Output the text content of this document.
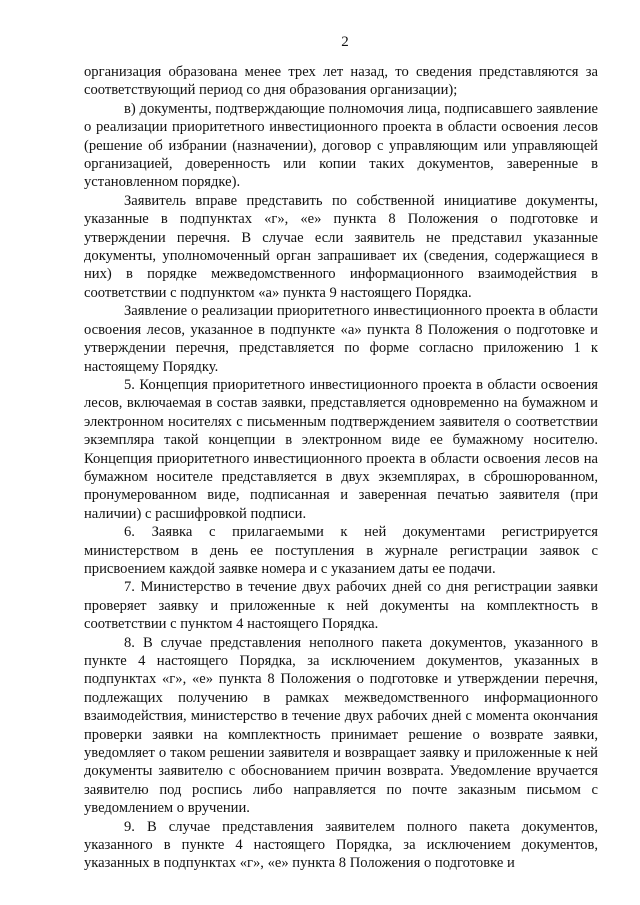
2

организация образована менее трех лет назад, то сведения представляются за соответствующий период со дня образования организации);

в) документы, подтверждающие полномочия лица, подписавшего заявление о реализации приоритетного инвестиционного проекта в области освоения лесов (решение об избрании (назначении), договор с управляющим или управляющей организацией, доверенность или копии таких документов, заверенные в установленном порядке).

Заявитель вправе представить по собственной инициативе документы, указанные в подпунктах «г», «е» пункта 8 Положения о подготовке и утверждении перечня. В случае если заявитель не представил указанные документы, уполномоченный орган запрашивает их (сведения, содержащиеся в них) в порядке межведомственного информационного взаимодействия в соответствии с подпунктом «а» пункта 9 настоящего Порядка.

Заявление о реализации приоритетного инвестиционного проекта в области освоения лесов, указанное в подпункте «а» пункта 8 Положения о подготовке и утверждении перечня, представляется по форме согласно приложению 1 к настоящему Порядку.

5. Концепция приоритетного инвестиционного проекта в области освоения лесов, включаемая в состав заявки, представляется одновременно на бумажном и электронном носителях с письменным подтверждением заявителя о соответствии экземпляра такой концепции в электронном виде ее бумажному носителю. Концепция приоритетного инвестиционного проекта в области освоения лесов на бумажном носителе представляется в двух экземплярах, в сброшюрованном, пронумерованном виде, подписанная и заверенная печатью заявителя (при наличии) с расшифровкой подписи.

6. Заявка с прилагаемыми к ней документами регистрируется министерством в день ее поступления в журнале регистрации заявок с присвоением каждой заявке номера и с указанием даты ее подачи.

7. Министерство в течение двух рабочих дней со дня регистрации заявки проверяет заявку и приложенные к ней документы на комплектность в соответствии с пунктом 4 настоящего Порядка.

8. В случае представления неполного пакета документов, указанного в пункте 4 настоящего Порядка, за исключением документов, указанных в подпунктах «г», «е» пункта 8 Положения о подготовке и утверждении перечня, подлежащих получению в рамках межведомственного информационного взаимодействия, министерство в течение двух рабочих дней с момента окончания проверки заявки на комплектность принимает решение о возврате заявки, уведомляет о таком решении заявителя и возвращает заявку и приложенные к ней документы заявителю с обоснованием причин возврата. Уведомление вручается заявителю под роспись либо направляется по почте заказным письмом с уведомлением о вручении.

9. В случае представления заявителем полного пакета документов, указанного в пункте 4 настоящего Порядка, за исключением документов, указанных в подпунктах «г», «е» пункта 8 Положения о подготовке и
